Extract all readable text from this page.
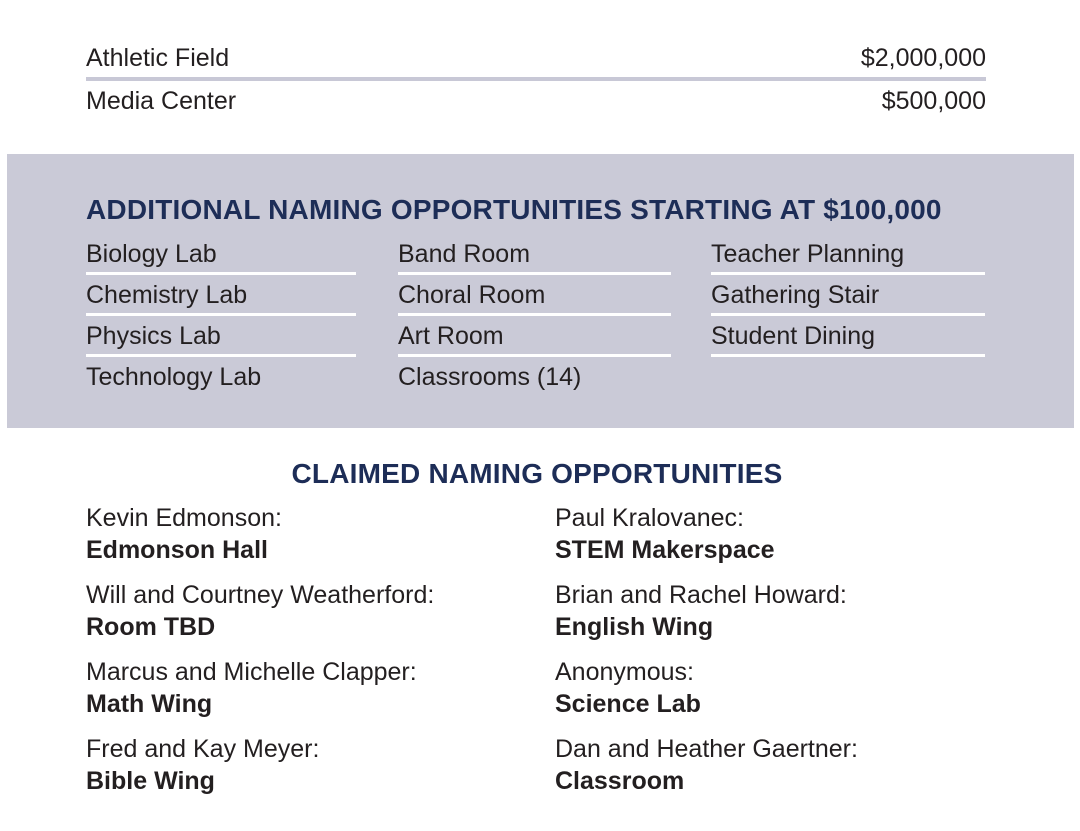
Athletic Field	$2,000,000
Media Center	$500,000
ADDITIONAL NAMING OPPORTUNITIES STARTING AT $100,000
Biology Lab
Chemistry Lab
Physics Lab
Technology Lab
Band Room
Choral Room
Art Room
Classrooms (14)
Teacher Planning
Gathering Stair
Student Dining
CLAIMED NAMING OPPORTUNITIES
Kevin Edmonson:
Edmonson Hall
Will and Courtney Weatherford:
Room TBD
Marcus and Michelle Clapper:
Math Wing
Fred and Kay Meyer:
Bible Wing
Paul Kralovanec:
STEM Makerspace
Brian and Rachel Howard:
English Wing
Anonymous:
Science Lab
Dan and Heather Gaertner:
Classroom
